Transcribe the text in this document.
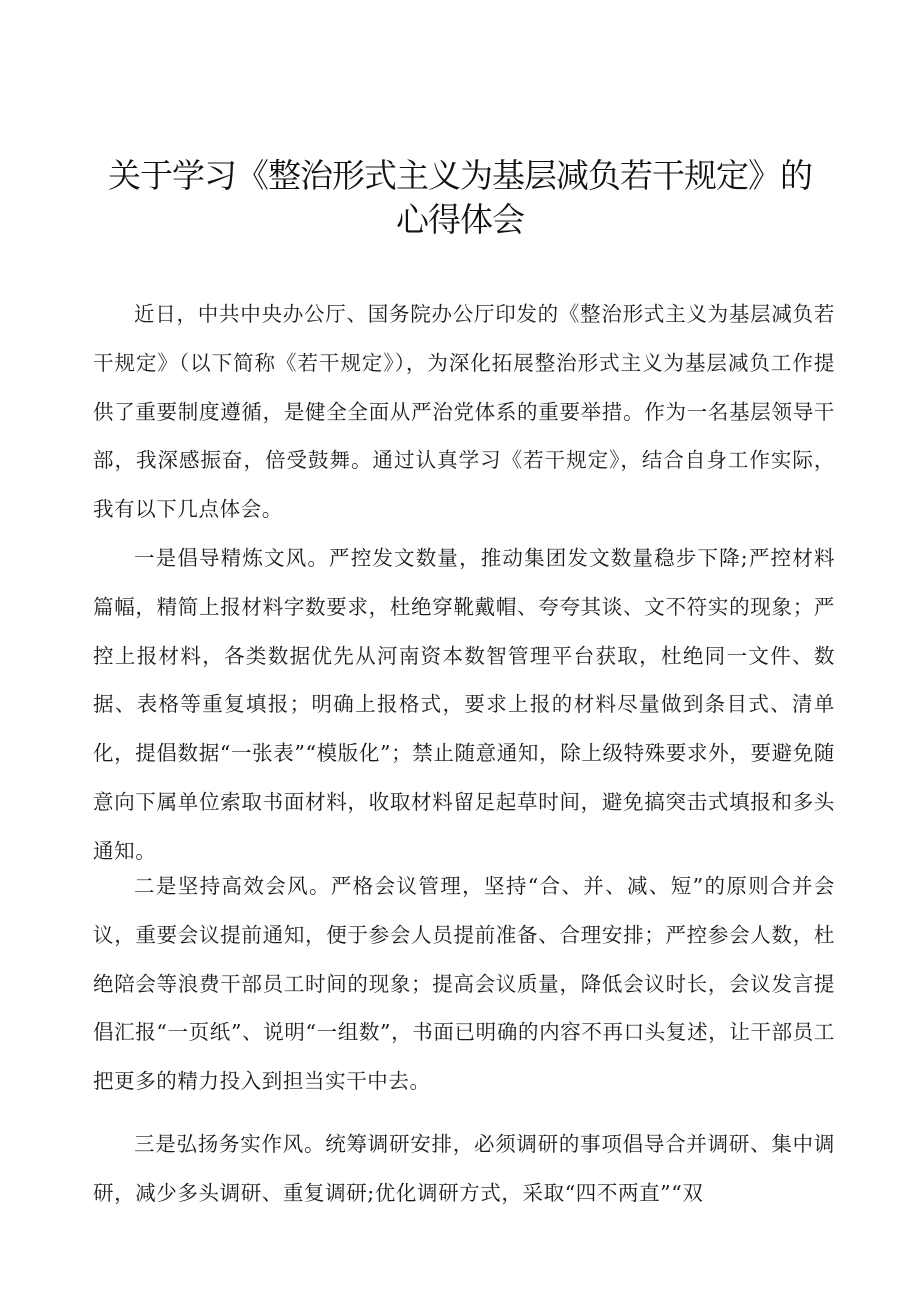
关于学习《整治形式主义为基层减负若干规定》的
心得体会

近日，中共中央办公厅、国务院办公厅印发的《整治形式主义为基层减负若干规定》（以下简称《若干规定》），为深化拓展整治形式主义为基层减负工作提供了重要制度遵循，是健全全面从严治党体系的重要举措。作为一名基层领导干部，我深感振奋，倍受鼓舞。通过认真学习《若干规定》，结合自身工作实际，我有以下几点体会。

一是倡导精炼文风。严控发文数量，推动集团发文数量稳步下降;严控材料篇幅，精简上报材料字数要求，杜绝穿靴戴帽、夸夸其谈、文不符实的现象；严控上报材料，各类数据优先从河南资本数智管理平台获取，杜绝同一文件、数据、表格等重复填报；明确上报格式，要求上报的材料尽量做到条目式、清单化，提倡数据“一张表”“模版化”；禁止随意通知，除上级特殊要求外，要避免随意向下属单位索取书面材料，收取材料留足起草时间，避免搞突击式填报和多头通知。

二是坚持高效会风。严格会议管理，坚持“合、并、减、短”的原则合并会议，重要会议提前通知，便于参会人员提前准备、合理安排；严控参会人数，杜绝陪会等浪费干部员工时间的现象；提高会议质量，降低会议时长，会议发言提倡汇报“一页纸”、说明“一组数”，书面已明确的内容不再口头复述，让干部员工把更多的精力投入到担当实干中去。

三是弘扬务实作风。统筹调研安排，必须调研的事项倡导合并调研、集中调研，减少多头调研、重复调研;优化调研方式，采取“四不两直”“双
